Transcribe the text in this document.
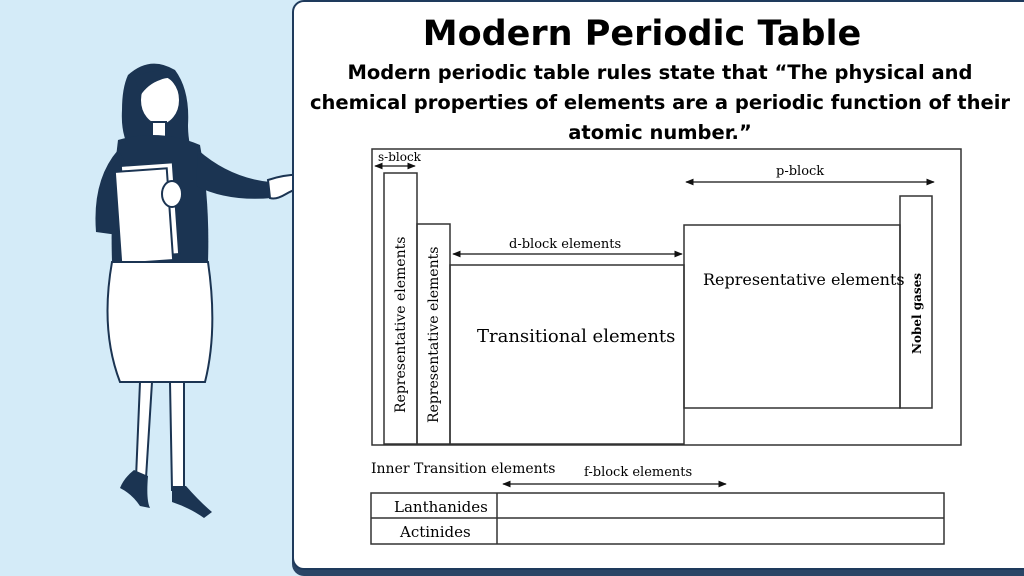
Modern Periodic Table
Modern periodic table rules state that “The physical and chemical properties of elements are a periodic function of their atomic number.”
s-block
p-block
d-block elements
Representative elements
Transitional elements
Representative elements Representative elements	Nobel gases
Inner Transition elements f-block elements
Lanthanides
Actinides
